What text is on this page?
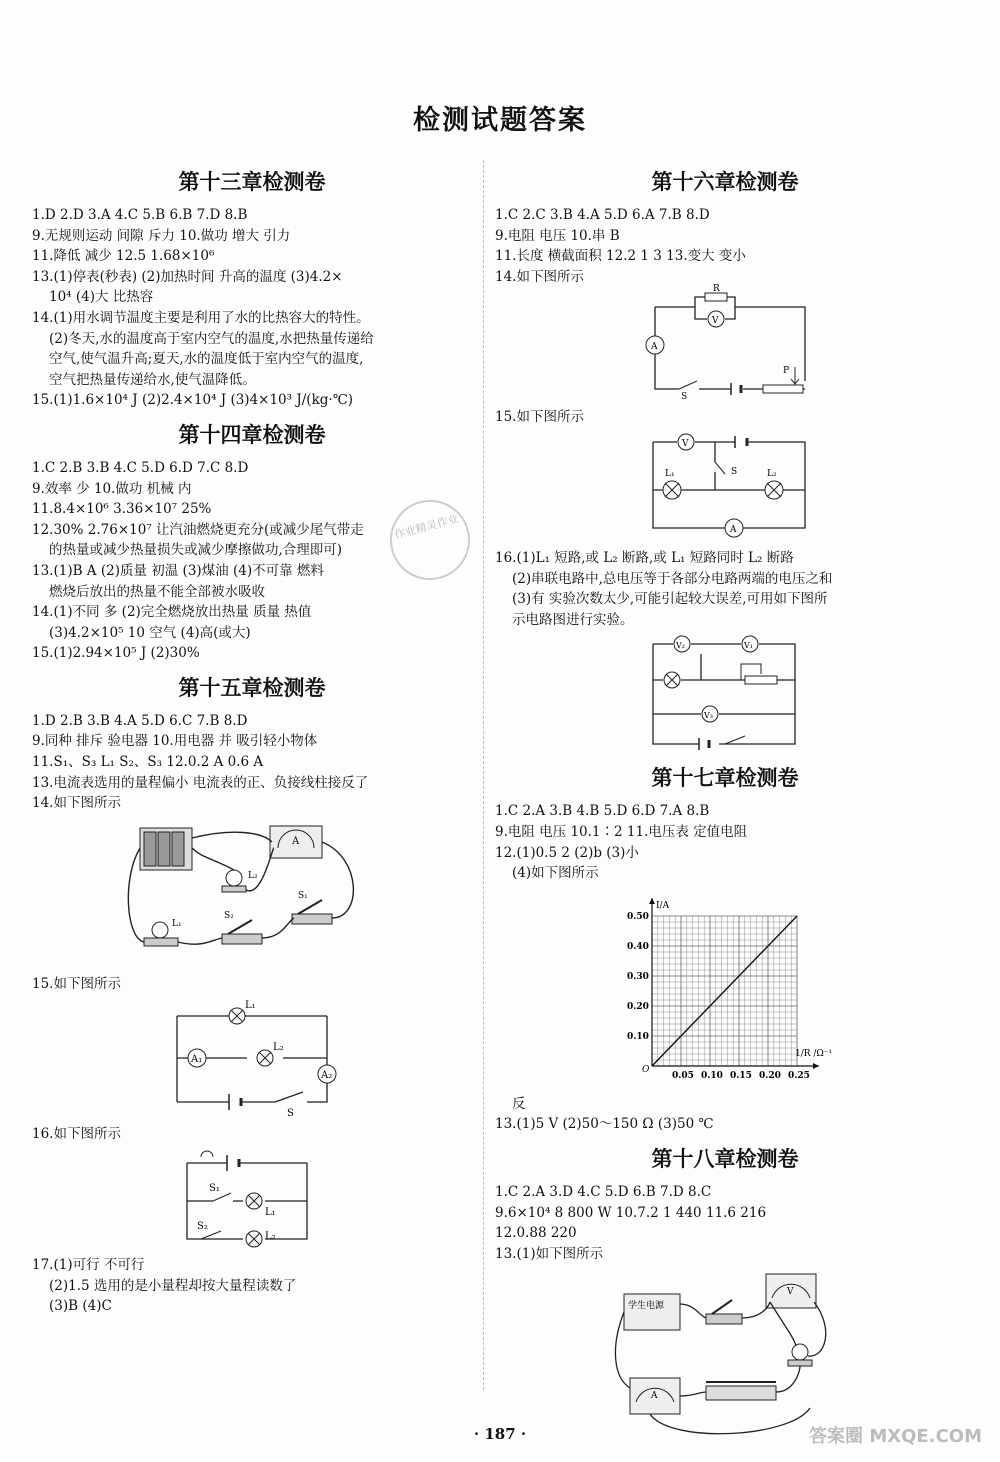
检测试题答案
第十三章检测卷
1.D 2.D 3.A 4.C 5.B 6.B 7.D 8.B
9.无规则运动 间隙 斥力 10.做功 增大 引力
11.降低 减少 12.5 1.68×10⁶
13.(1)停表(秒表) (2)加热时间 升高的温度 (3)4.2×
10⁴ (4)大 比热容
14.(1)用水调节温度主要是利用了水的比热容大的特性。
(2)冬天,水的温度高于室内空气的温度,水把热量传递给
空气,使气温升高;夏天,水的温度低于室内空气的温度,
空气把热量传递给水,使气温降低。
15.(1)1.6×10⁴ J (2)2.4×10⁴ J (3)4×10³ J/(kg·℃)
第十四章检测卷
1.C 2.B 3.B 4.C 5.D 6.D 7.C 8.D
9.效率 少 10.做功 机械 内
11.8.4×10⁶ 3.36×10⁷ 25%
12.30% 2.76×10⁷ 让汽油燃烧更充分(或减少尾气带走
的热量或减少热量损失或减少摩擦做功,合理即可)
13.(1)B A (2)质量 初温 (3)煤油 (4)不可靠 燃料
燃烧后放出的热量不能全部被水吸收
14.(1)不同 多 (2)完全燃烧放出热量 质量 热值
(3)4.2×10⁵ 10 空气 (4)高(或大)
15.(1)2.94×10⁵ J (2)30%
第十五章检测卷
1.D 2.B 3.B 4.A 5.D 6.C 7.B 8.D
9.同种 排斥 验电器 10.用电器 并 吸引轻小物体
11.S₁、S₃ L₁ S₂、S₃ 12.0.2 A 0.6 A
13.电流表选用的量程偏小 电流表的正、负接线柱接反了
14.如下图所示
A
L₂
L₁
S₂
S₁
15.如下图所示
L₁
A₁
L₂
A₂
S
16.如下图所示
S₁
L₁
S₂
L₂
17.(1)可行 不可行
(2)1.5 选用的是小量程却按大量程读数了
(3)B (4)C
第十六章检测卷
1.C 2.C 3.B 4.A 5.D 6.A 7.B 8.D
9.电阻 电压 10.串 B
11.长度 横截面积 12.2 1 3 13.变大 变小
14.如下图所示
R
V
A
S
P
15.如下图所示
V
S
L₁	L₂
A
16.(1)L₁ 短路,或 L₂ 断路,或 L₁ 短路同时 L₂ 断路
(2)串联电路中,总电压等于各部分电路两端的电压之和
(3)有 实验次数太少,可能引起较大误差,可用如下图所
示电路图进行实验。
V₂	V₁
V₃
第十七章检测卷
1.C 2.A 3.B 4.B 5.D 6.D 7.A 8.B
9.电阻 电压 10.1∶2 11.电压表 定值电阻
12.(1)0.5 2 (2)b (3)小
(4)如下图所示
0.05 0.10 0.15 0.20 0.25
0.10
0.20
0.30
0.40
0.50
O
I/A
1/R /Ω⁻¹
反
13.(1)5 V (2)50～150 Ω (3)50 ℃
第十八章检测卷
1.C 2.A 3.D 4.C 5.D 6.B 7.D 8.C
9.6×10⁴ 8 800 W 10.7.2 1 440 11.6 216
12.0.88 220
13.(1)如下图所示
学生电源
V
A
作业精灵作业
· 187 ·	答案圈 MXQE.COM
